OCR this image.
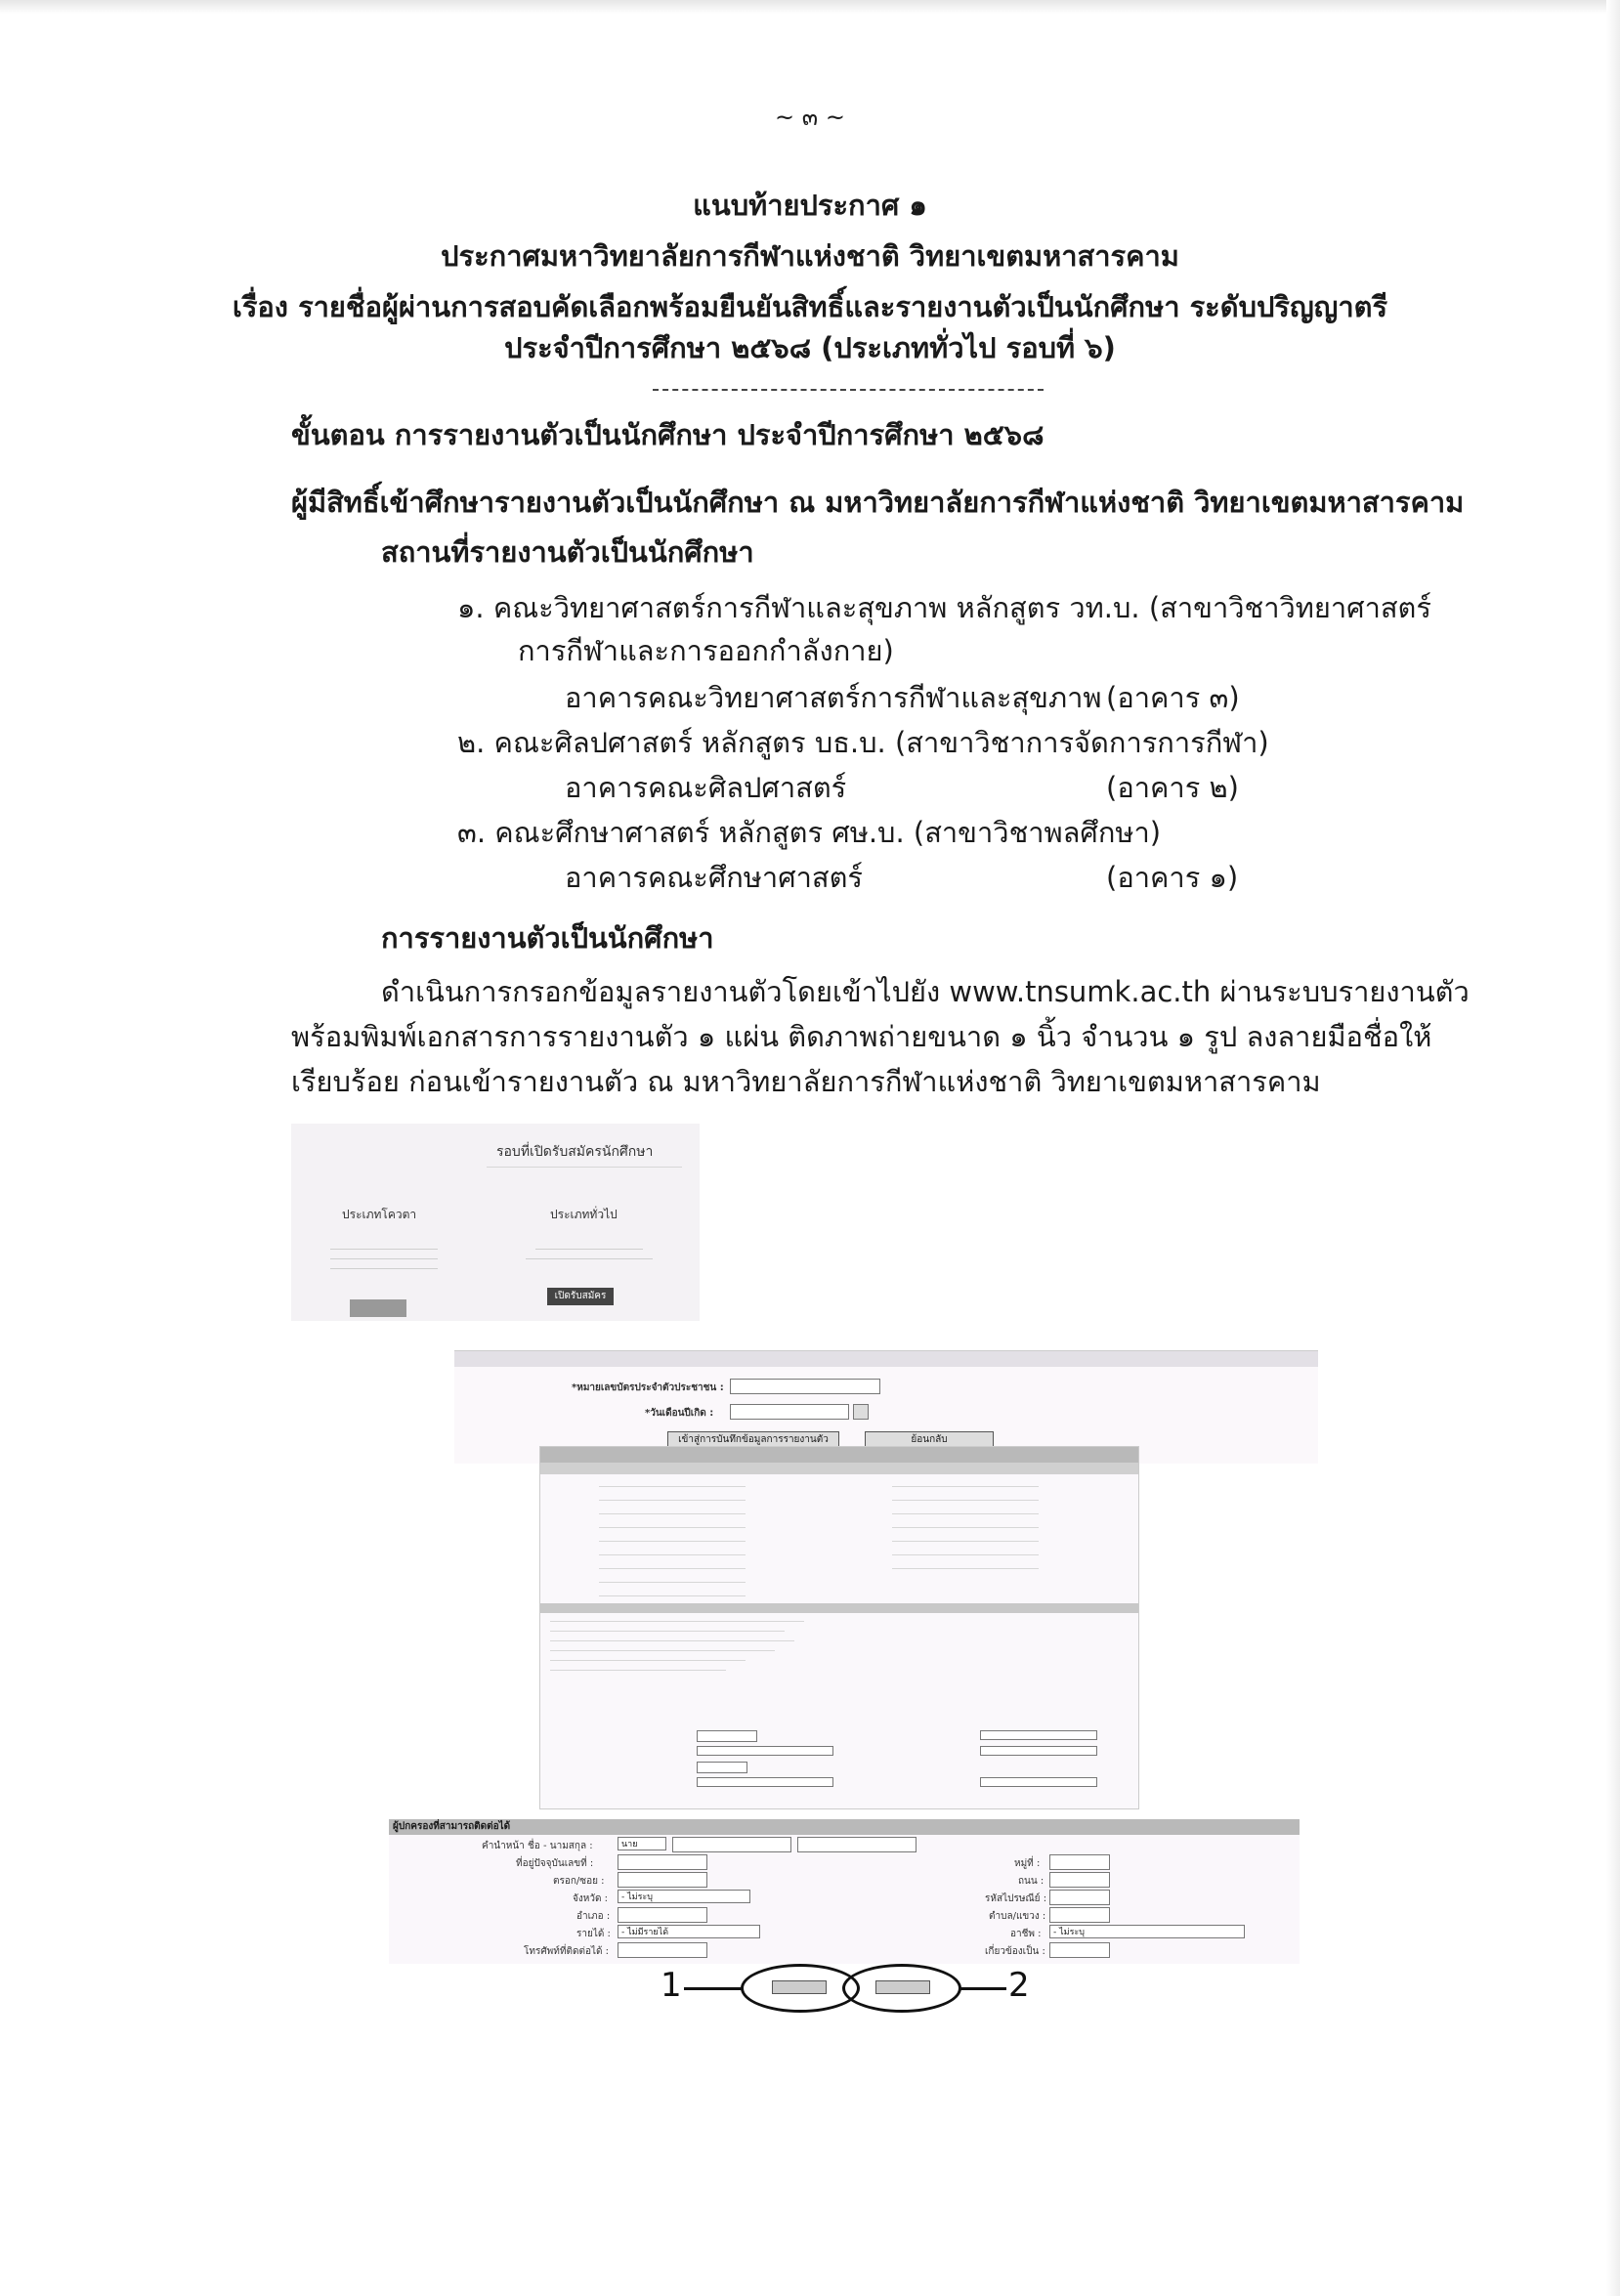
~ ๓ ~
แนบท้ายประกาศ ๑
ประกาศมหาวิทยาลัยการกีฬาแห่งชาติ วิทยาเขตมหาสารคาม
เรื่อง รายชื่อผู้ผ่านการสอบคัดเลือกพร้อมยืนยันสิทธิ์และรายงานตัวเป็นนักศึกษา ระดับปริญญาตรี
ประจำปีการศึกษา ๒๕๖๘ (ประเภททั่วไป รอบที่ ๖)
ขั้นตอน การรายงานตัวเป็นนักศึกษา ประจำปีการศึกษา ๒๕๖๘
ผู้มีสิทธิ์เข้าศึกษารายงานตัวเป็นนักศึกษา ณ มหาวิทยาลัยการกีฬาแห่งชาติ วิทยาเขตมหาสารคาม
สถานที่รายงานตัวเป็นนักศึกษา
๑. คณะวิทยาศาสตร์การกีฬาและสุขภาพ หลักสูตร วท.บ. (สาขาวิชาวิทยาศาสตร์
การกีฬาและการออกกำลังกาย)
อาคารคณะวิทยาศาสตร์การกีฬาและสุขภาพ (อาคาร ๓)
๒. คณะศิลปศาสตร์ หลักสูตร บธ.บ. (สาขาวิชาการจัดการการกีฬา)
อาคารคณะศิลปศาสตร์	(อาคาร ๒)
๓. คณะศึกษาศาสตร์ หลักสูตร ศษ.บ. (สาขาวิชาพลศึกษา)
อาคารคณะศึกษาศาสตร์	(อาคาร ๑)
การรายงานตัวเป็นนักศึกษา
ดำเนินการกรอกข้อมูลรายงานตัวโดยเข้าไปยัง www.tnsumk.ac.th ผ่านระบบรายงานตัว
พร้อมพิมพ์เอกสารการรายงานตัว ๑ แผ่น ติดภาพถ่ายขนาด ๑ นิ้ว จำนวน ๑ รูป ลงลายมือชื่อให้
เรียบร้อย ก่อนเข้ารายงานตัว ณ มหาวิทยาลัยการกีฬาแห่งชาติ วิทยาเขตมหาสารคาม
รอบที่เปิดรับสมัครนักศึกษา
ประเภทโควตา	ประเภททั่วไป
เปิดรับสมัคร
*หมายเลขบัตรประจำตัวประชาชน :
*วันเดือนปีเกิด :
เข้าสู่การบันทึกข้อมูลการรายงานตัว	ย้อนกลับ
ผู้ปกครองที่สามารถติดต่อได้
คำนำหน้า ชื่อ - นามสกุล :	นาย
ที่อยู่ปัจจุบันเลขที่ :
ตรอก/ซอย :
จังหวัด :	- ไม่ระบุ
อำเภอ :
รายได้ :	- ไม่มีรายได้
โทรศัพท์ที่ติดต่อได้ :
หมู่ที่ :
ถนน :
รหัสไปรษณีย์ :
ตำบล/แขวง :
อาชีพ :	- ไม่ระบุ
เกี่ยวข้องเป็น :
1	2
